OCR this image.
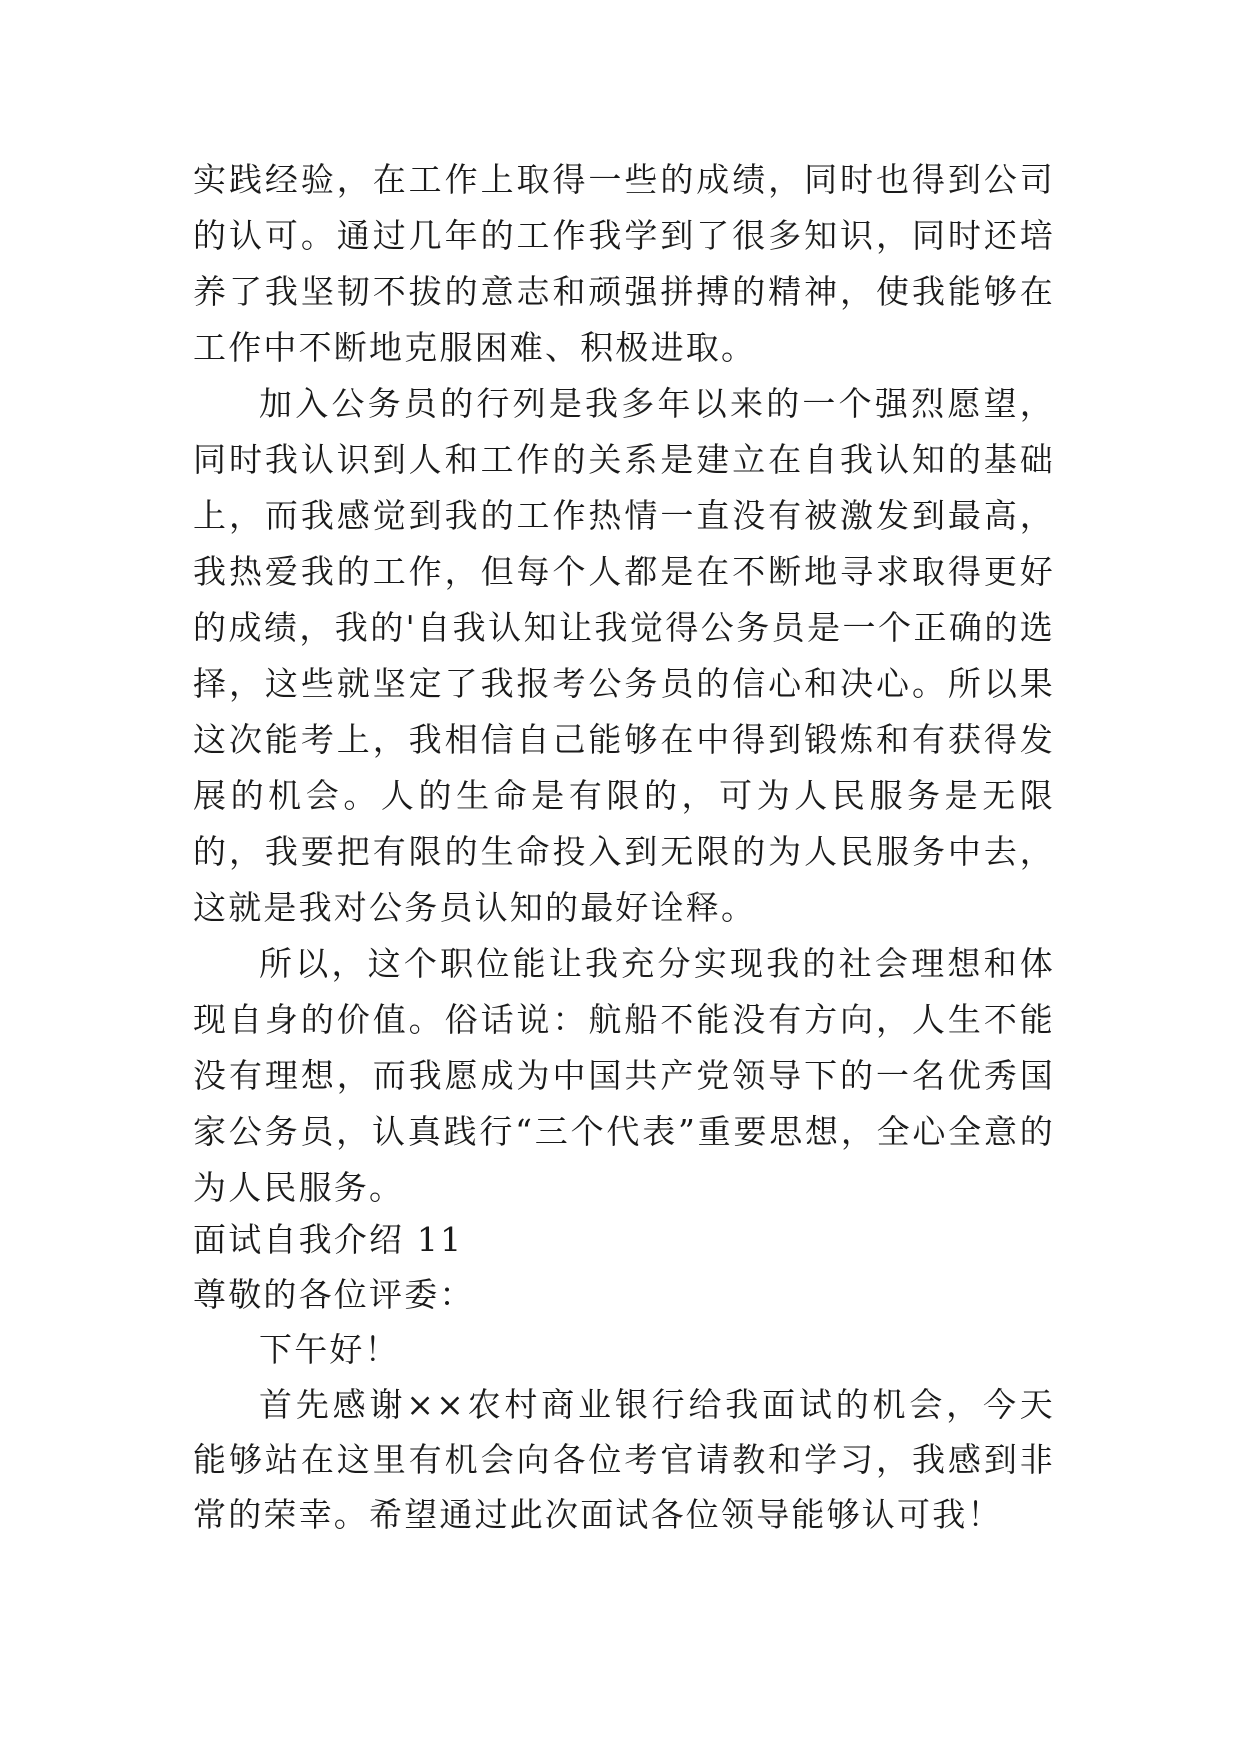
实践经验，在工作上取得一些的成绩，同时也得到公司的认可。通过几年的工作我学到了很多知识，同时还培养了我坚韧不拔的意志和顽强拼搏的精神，使我能够在工作中不断地克服困难、积极进取。

加入公务员的行列是我多年以来的一个强烈愿望，同时我认识到人和工作的关系是建立在自我认知的基础上，而我感觉到我的工作热情一直没有被激发到最高，我热爱我的工作，但每个人都是在不断地寻求取得更好的成绩，我的'自我认知让我觉得公务员是一个正确的选择，这些就坚定了我报考公务员的信心和决心。所以果这次能考上，我相信自己能够在中得到锻炼和有获得发展的机会。人的生命是有限的，可为人民服务是无限的，我要把有限的生命投入到无限的为人民服务中去，这就是我对公务员认知的最好诠释。

所以，这个职位能让我充分实现我的社会理想和体现自身的价值。俗话说：航船不能没有方向，人生不能没有理想，而我愿成为中国共产党领导下的一名优秀国家公务员，认真践行“三个代表”重要思想，全心全意的为人民服务。

面试自我介绍 11

尊敬的各位评委：

下午好！

首先感谢××农村商业银行给我面试的机会，今天能够站在这里有机会向各位考官请教和学习，我感到非常的荣幸。希望通过此次面试各位领导能够认可我！
